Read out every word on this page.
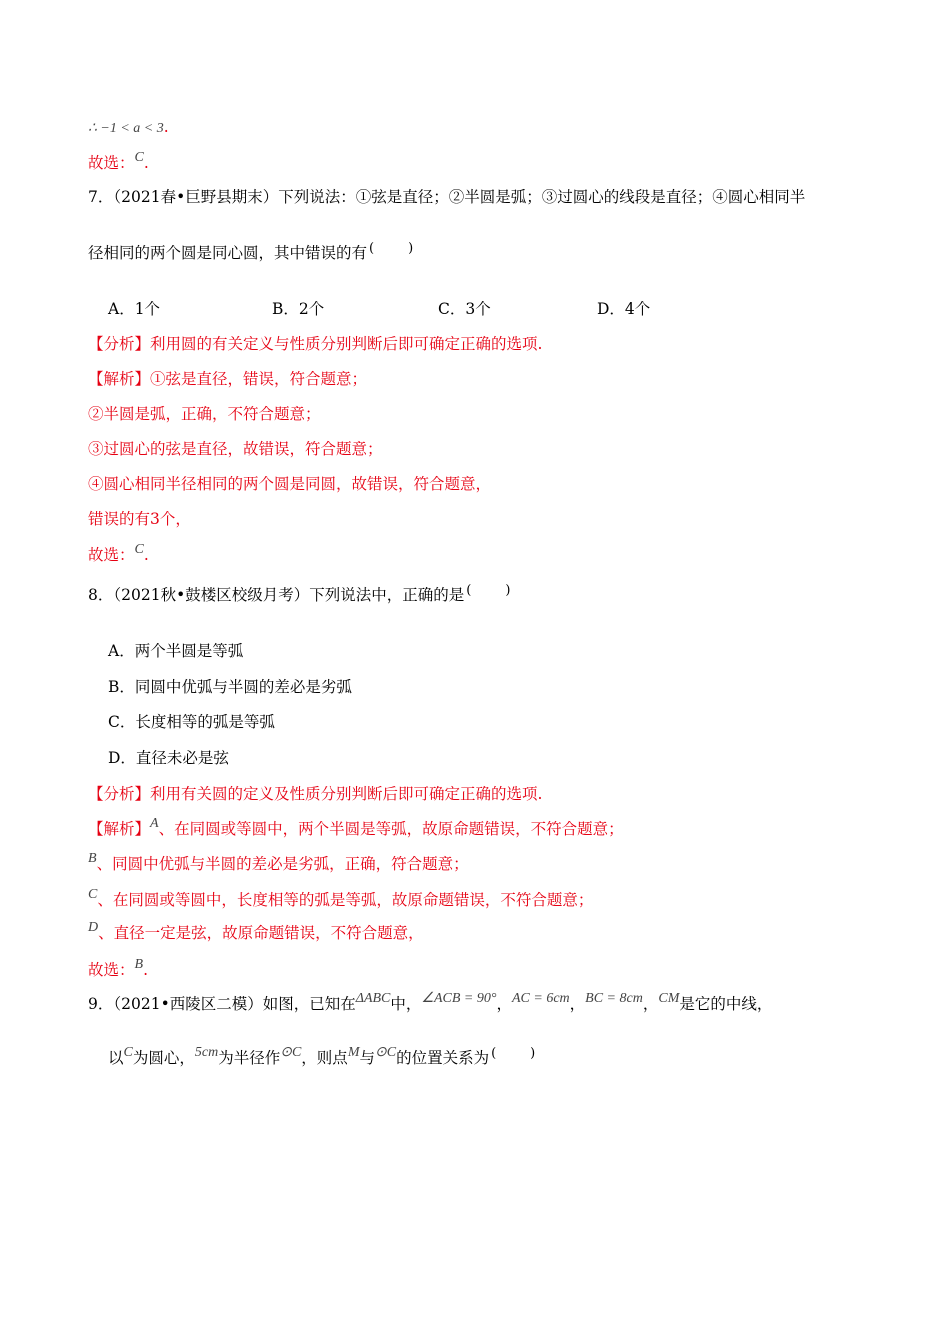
∴ −1 < a < 3.
故选：C.
7．（2021春•巨野县期末）下列说法：①弦是直径；②半圆是弧；③过圆心的线段是直径；④圆心相同半
径相同的两个圆是同心圆，其中错误的有 (	)
A．1个	B．2个	C．3个	D．4个
【分析】利用圆的有关定义与性质分别判断后即可确定正确的选项.
【解析】①弦是直径，错误，符合题意；
②半圆是弧，正确，不符合题意；
③过圆心的弦是直径，故错误，符合题意；
④圆心相同半径相同的两个圆是同圆，故错误，符合题意，
错误的有3个，
故选：C.
8．（2021秋•鼓楼区校级月考）下列说法中，正确的是 (	)
A．两个半圆是等弧
B．同圆中优弧与半圆的差必是劣弧
C．长度相等的弧是等弧
D．直径未必是弦
【分析】利用有关圆的定义及性质分别判断后即可确定正确的选项.
【解析】A、在同圆或等圆中，两个半圆是等弧，故原命题错误，不符合题意；
B、同圆中优弧与半圆的差必是劣弧，正确，符合题意；
C、在同圆或等圆中，长度相等的弧是等弧，故原命题错误，不符合题意；
D、直径一定是弦，故原命题错误，不符合题意，
故选：B.
9．（2021•西陵区二模）如图，已知在ΔABC中，∠ACB = 90°，AC = 6cm，BC = 8cm，CM是它的中线，
以C为圆心，5cm为半径作⊙C，则点M与⊙C的位置关系为 (	)
